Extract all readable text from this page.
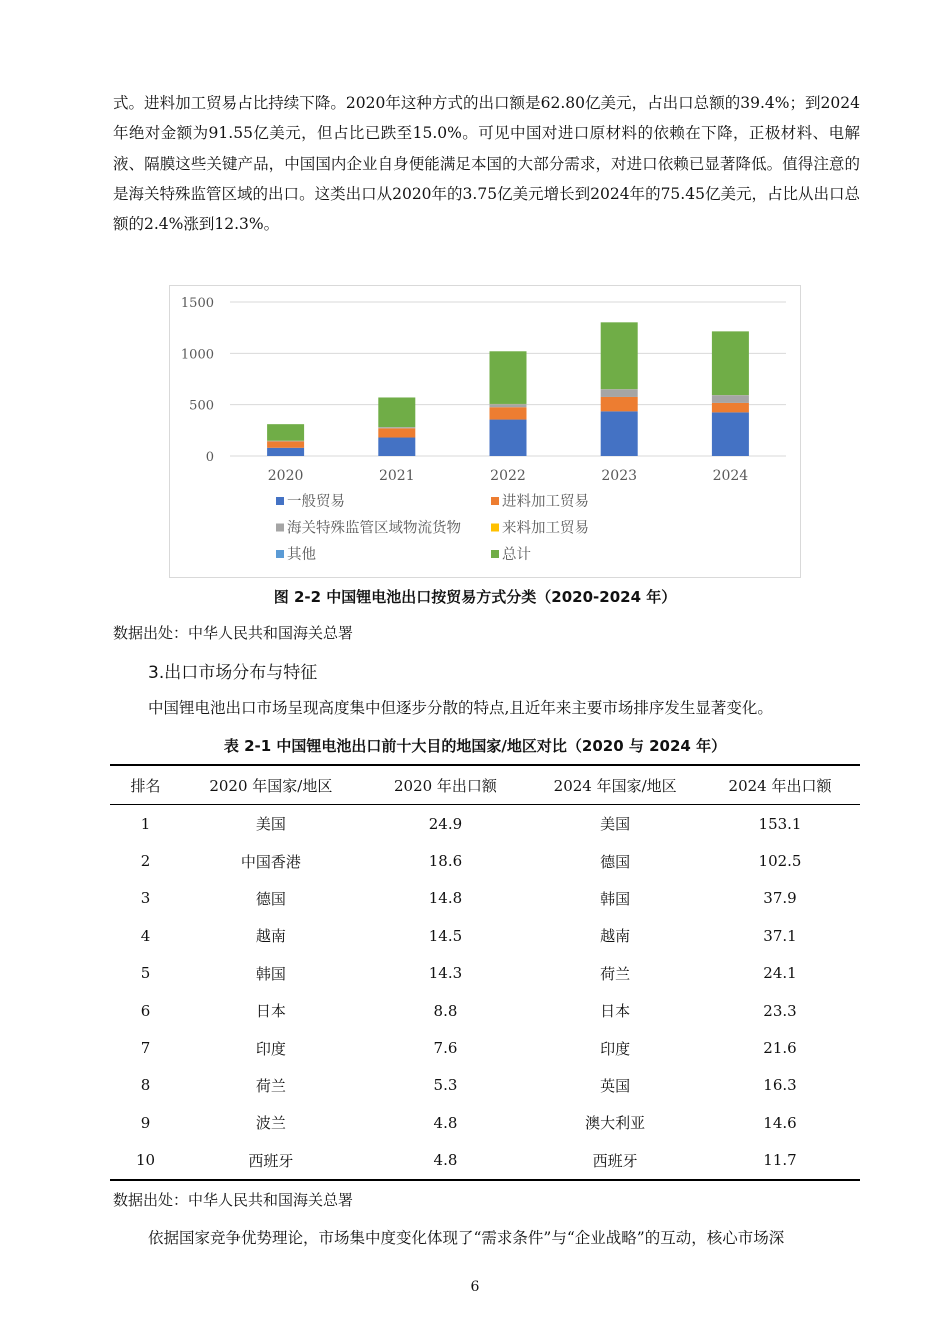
式。进料加工贸易占比持续下降。2020年这种方式的出口额是62.80亿美元，占出口总额的39.4%；到2024年绝对金额为91.55亿美元，但占比已跌至15.0%。可见中国对进口原材料的依赖在下降，正极材料、电解液、隔膜这些关键产品，中国国内企业自身便能满足本国的大部分需求，对进口依赖已显著降低。值得注意的是海关特殊监管区域的出口。这类出口从2020年的3.75亿美元增长到2024年的75.45亿美元，占比从出口总额的2.4%涨到12.3%。

0
500
1000
1500
2020	2021	2022	2023	2024
一般贸易	进料加工贸易
海关特殊监管区域物流货物	来料加工贸易
其他	总计

图 2-2 中国锂电池出口按贸易方式分类（2020-2024 年）

数据出处：中华人民共和国海关总署

3.出口市场分布与特征

中国锂电池出口市场呈现高度集中但逐步分散的特点,且近年来主要市场排序发生显著变化。

表 2-1 中国锂电池出口前十大目的地国家/地区对比（2020 与 2024 年）

排名	2020 年国家/地区	2020 年出口额	2024 年国家/地区	2024 年出口额
1	美国	24.9	美国	153.1
2	中国香港	18.6	德国	102.5
3	德国	14.8	韩国	37.9
4	越南	14.5	越南	37.1
5	韩国	14.3	荷兰	24.1
6	日本	8.8	日本	23.3
7	印度	7.6	印度	21.6
8	荷兰	5.3	英国	16.3
9	波兰	4.8	澳大利亚	14.6
10	西班牙	4.8	西班牙	11.7

数据出处：中华人民共和国海关总署

依据国家竞争优势理论，市场集中度变化体现了“需求条件”与“企业战略”的互动，核心市场深

6
